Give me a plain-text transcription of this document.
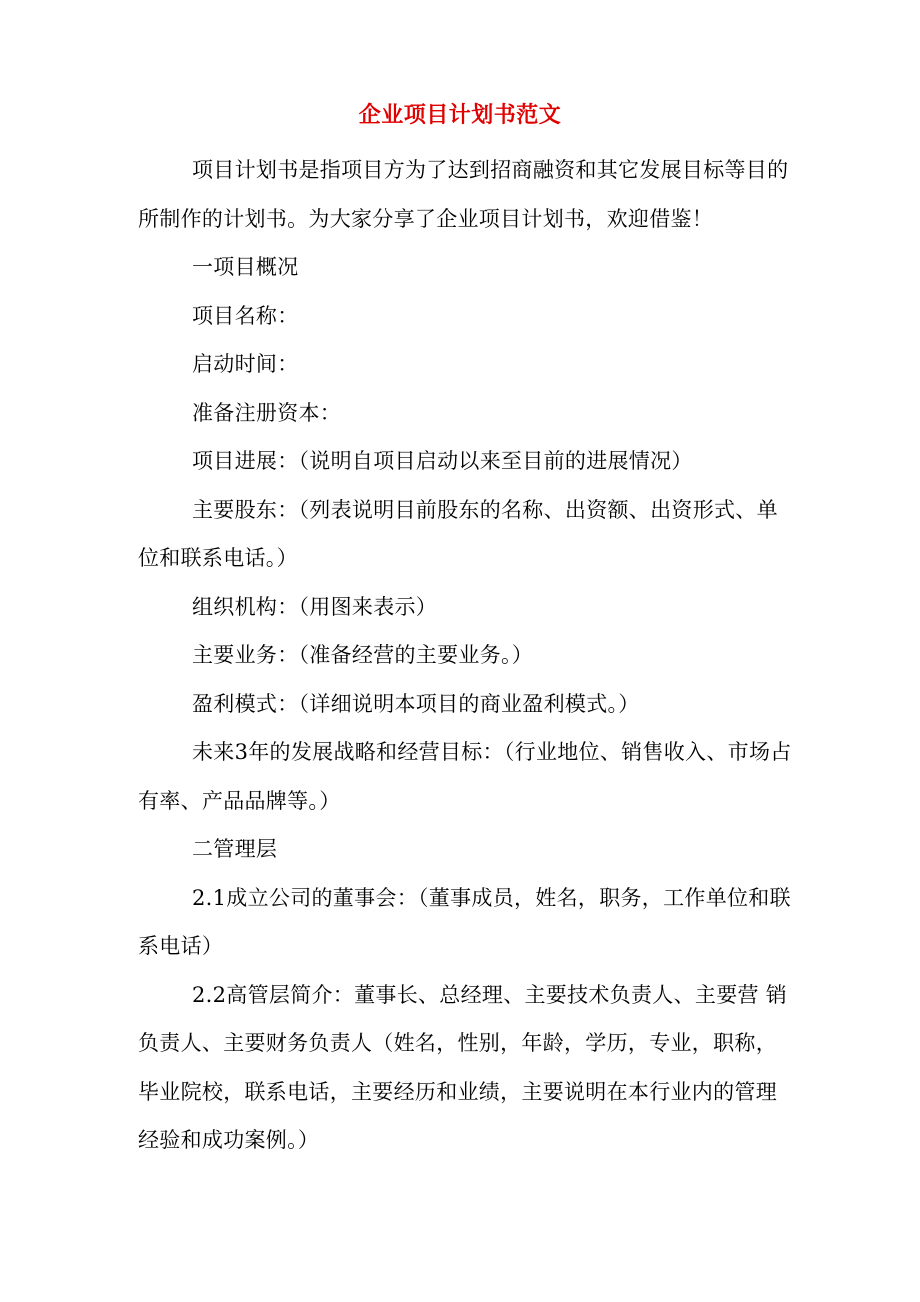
企业项目计划书范文

项目计划书是指项目方为了达到招商融资和其它发展目标等目的所制作的计划书。为大家分享了企业项目计划书，欢迎借鉴！

一项目概况

项目名称：

启动时间：

准备注册资本：

项目进展：（说明自项目启动以来至目前的进展情况）

主要股东：（列表说明目前股东的名称、出资额、出资形式、单位和联系电话。）

组织机构：（用图来表示）

主要业务：（准备经营的主要业务。）

盈利模式：（详细说明本项目的商业盈利模式。）

未来3年的发展战略和经营目标：（行业地位、销售收入、市场占有率、产品品牌等。）

二管理层

2.1成立公司的董事会：（董事成员，姓名，职务，工作单位和联系电话）

2.2高管层简介：董事长、总经理、主要技术负责人、主要营 销负责人、主要财务负责人（姓名，性别，年龄，学历，专业，职称，毕业院校，联系电话，主要经历和业绩，主要说明在本行业内的管理经验和成功案例。）
